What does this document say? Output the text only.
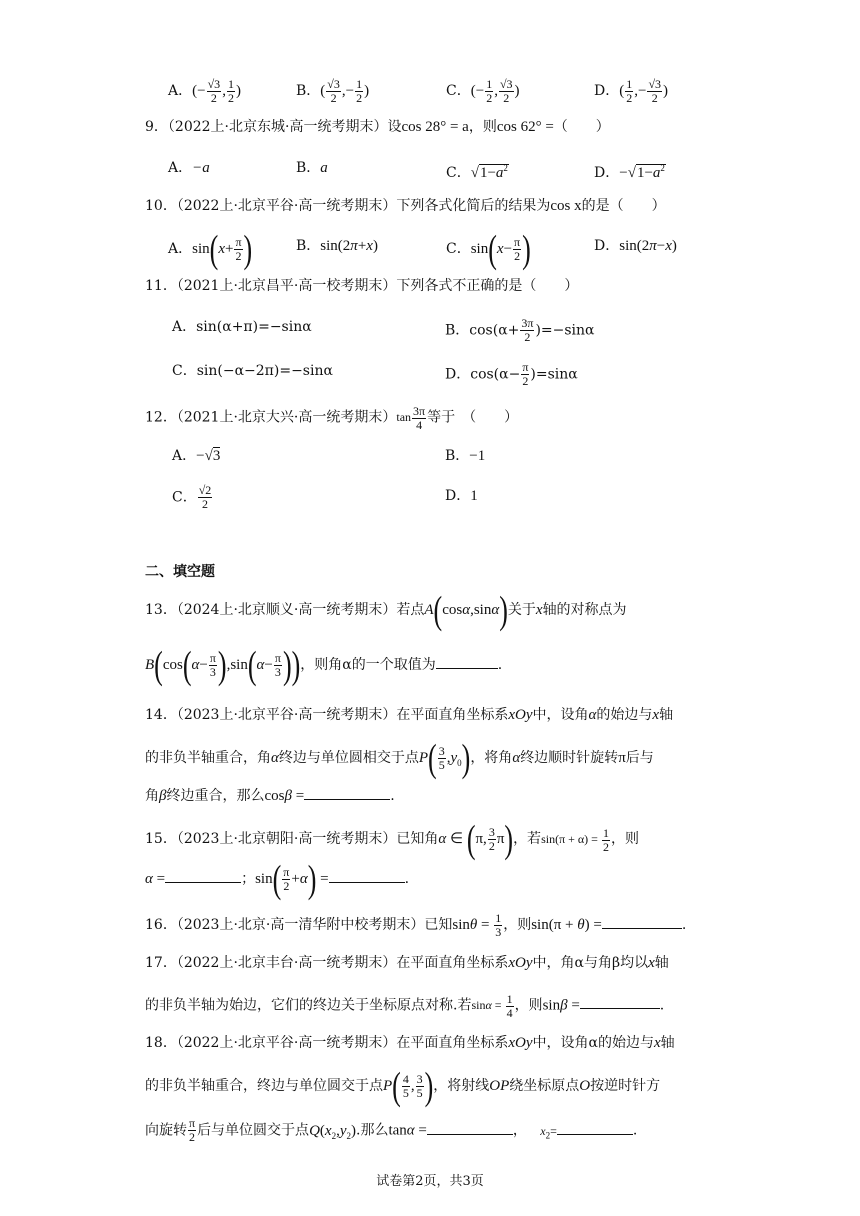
A．(− $\frac{√3}{2}$ , $\frac{1}{2}$ )	B．( $\frac{√3}{2}$ ,− $\frac{1}{2}$ )	C．(− $\frac{1}{2}$ , $\frac{√3}{2}$ )	D．( $\frac{1}{2}$ ,− $\frac{√3}{2}$ )
9．（2022上·北京东城·高一统考期末）设cos 28° = a，则cos 62° =（　　）
A．−a	B．a	C．$√1-a^2$	D．$-√1-a^2$
10．（2022上·北京平谷·高一统考期末）下列各式化简后的结果为cos x的是（　　）
A．$\sin(x+ \frac{\pi}{2}$ )	B．sin(2π+x)	C．$\sin(x- \frac{\pi}{2}$ )	D．sin(2π−x)
11．（2021上·北京昌平·高一校考期末）下列各式不正确的是（　　）
A．sin(α+π)=−sinα	B．$\cos(\alpha+ \frac{3\pi}{2} )=-\sin\alpha$
C．sin(−α−2π)=−sinα	D．$\cos(\alpha- \frac{\pi}{2} )=\sin\alpha$
12．（2021上·北京大兴·高一统考期末）$\tan \frac{3\pi}{4}$ 等于　（　　）
A．−√3	B．−1
C． $\frac{√2}{2}$	D．1
二、填空题
13．（2024上·北京顺义·高一统考期末）若点A(cosα,sinα)关于x轴的对称点为
$B(\cos(\alpha- \frac{\pi}{3} ),\sin(\alpha- \frac{\pi}{3}$ ))，则角α的一个取值为	.
14．（2023上·北京平谷·高一统考期末）在平面直角坐标系xOy中，设角α的始边与x轴
的非负半轴重合，角α终边与单位圆相交于点$P( \frac{3}{5} ,y_0)$，将角α终边顺时针旋转π后与
角β终边重合，那么cosβ =	.
15．（2023上·北京朝阳·高一统考期末）已知角α ∈ (π, $\frac{3}{2} \pi$)，若$\sin(\pi + \alpha) = \frac{1}{2}$ ，则
α =	；$\sin( \frac{\pi}{2} +\alpha)$ =	.
16．（2023上·北京·高一清华附中校考期末）已知$\sin\theta = \frac{1}{3}$ ，则sin(π + θ) =	.
17．（2022上·北京丰台·高一统考期末）在平面直角坐标系xOy中，角α与角β均以x轴
的非负半轴为始边，它们的终边关于坐标原点对称.若$\sin\alpha = \frac{1}{4}$ ，则sinβ =	.
18．（2022上·北京平谷·高一统考期末）在平面直角坐标系xOy中，设角α的始边与x轴
的非负半轴重合，终边与单位圆交于点$P( \frac{4}{5}$ , $\frac{3}{5}$ )，将射线OP绕坐标原点O按逆时针方
向旋转 $\frac{\pi}{2}$ 后与单位圆交于点$Q(x_2,y_2)$.那么tanα =	， $x_2=$	.
试卷第2页，共3页
